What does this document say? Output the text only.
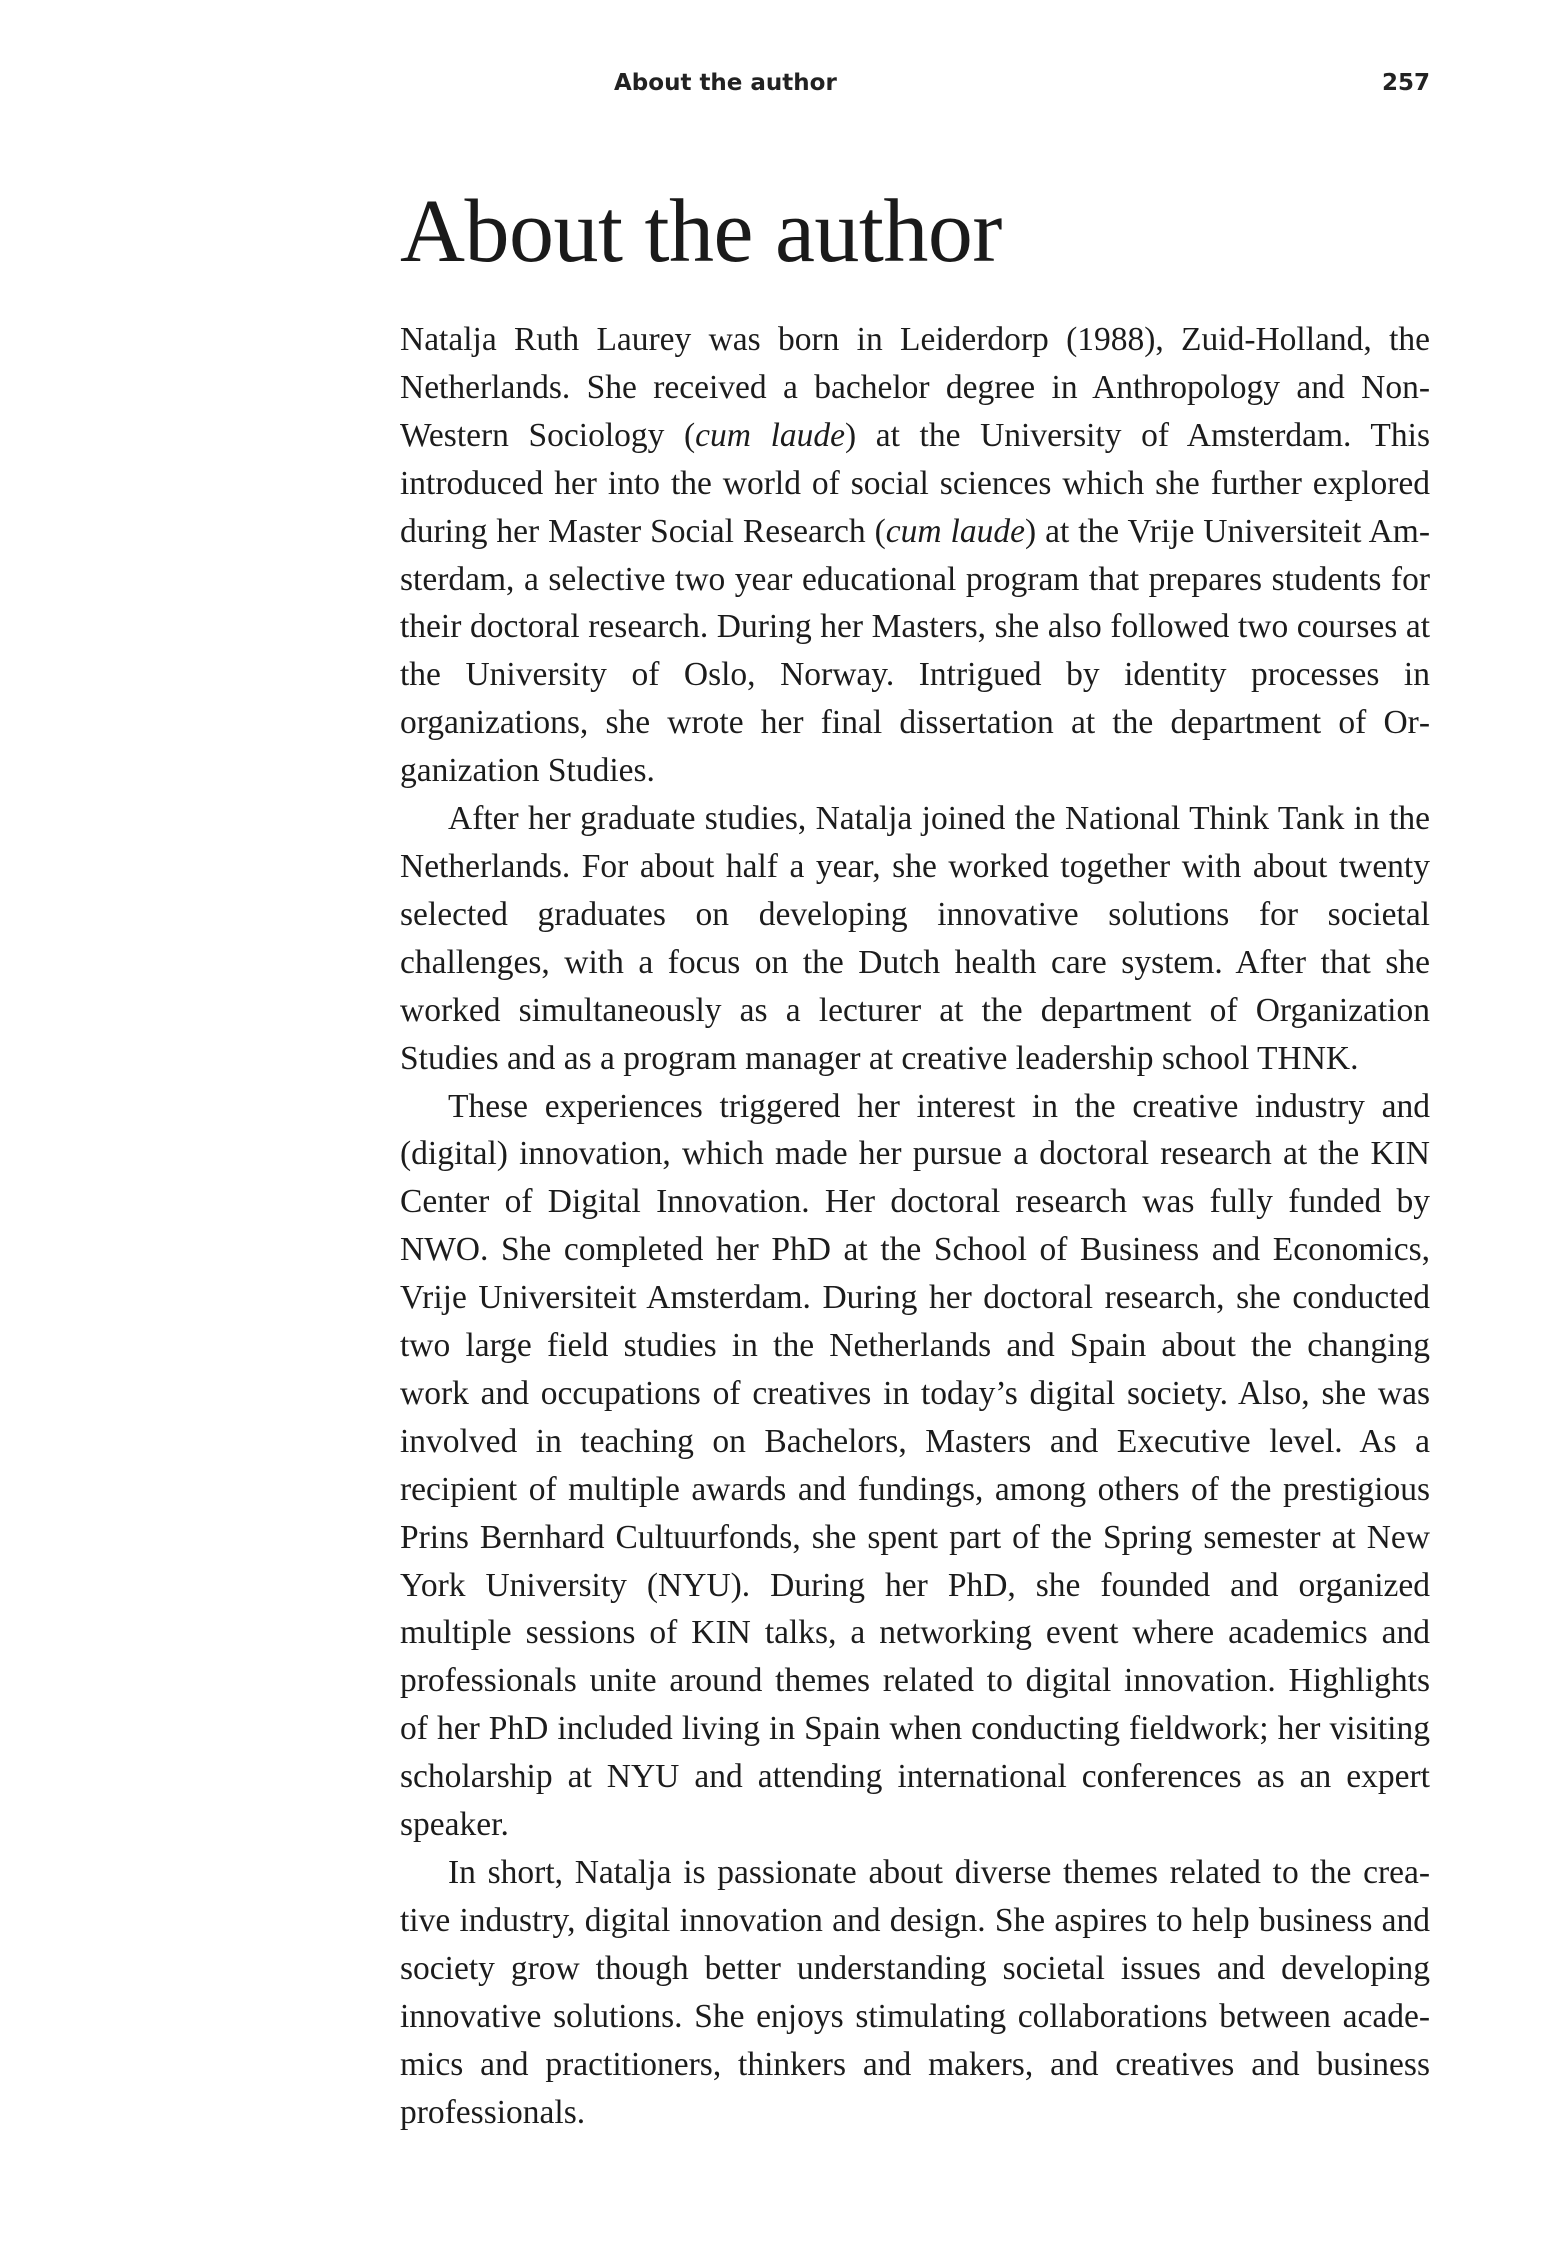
About the author	257
About the author

Natalja Ruth Laurey was born in Leiderdorp (1988), Zuid-Holland, the Netherlands. She received a bachelor degree in Anthropology and Non-Western Sociology (cum laude) at the University of Amsterdam. This introduced her into the world of social sciences which she further explored during her Master Social Research (cum laude) at the Vrije Universiteit Amsterdam, a selective two year educational program that prepares students for their doctoral research. During her Masters, she also followed two courses at the University of Oslo, Norway. Intrigued by identity processes in organizations, she wrote her final dissertation at the department of Organization Studies.

After her graduate studies, Natalja joined the National Think Tank in the Netherlands. For about half a year, she worked together with about twenty selected graduates on developing innovative solutions for societal challenges, with a focus on the Dutch health care system. After that she worked simultaneously as a lecturer at the department of Organization Studies and as a program manager at creative leadership school THNK.

These experiences triggered her interest in the creative industry and (digital) innovation, which made her pursue a doctoral research at the KIN Center of Digital Innovation. Her doctoral research was fully funded by NWO. She completed her PhD at the School of Business and Economics, Vrije Universiteit Amsterdam. During her doctoral research, she conducted two large field studies in the Netherlands and Spain about the changing work and occupations of creatives in today’s digital society. Also, she was involved in teaching on Bachelors, Masters and Executive level. As a recipient of multiple awards and fundings, among others of the prestigious Prins Bernhard Cultuurfonds, she spent part of the Spring semester at New York University (NYU). During her PhD, she founded and organized multiple sessions of KIN talks, a networking event where academics and professionals unite around themes related to digital innovation. Highlights of her PhD included living in Spain when conducting fieldwork; her visiting scholarship at NYU and attending international conferences as an expert speaker.

In short, Natalja is passionate about diverse themes related to the creative industry, digital innovation and design. She aspires to help business and society grow though better understanding societal issues and developing innovative solutions. She enjoys stimulating collaborations between academics and practitioners, thinkers and makers, and creatives and business professionals.
